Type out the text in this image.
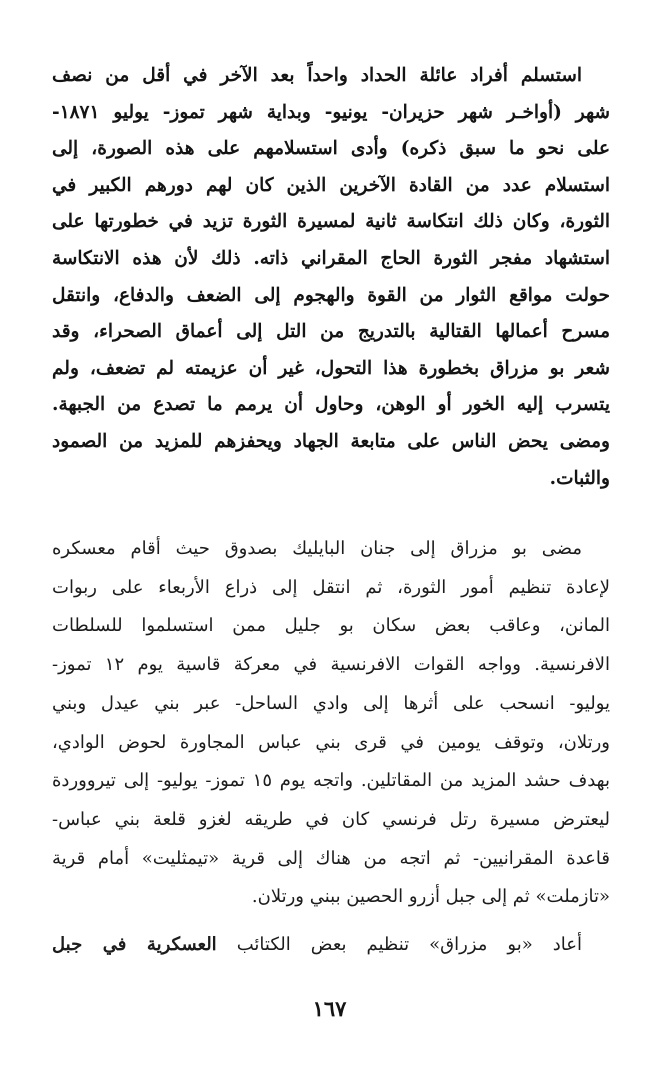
استسلم أفراد عائلة الحداد واحداً بعد الآخر في أقل من نصف
شهر (أواخـر شهر حزيران- يونيو- وبداية شهر تموز- يوليو ١٨٧١-
على نحو ما سبق ذكره) وأدى استسلامهم على هذه الصورة، إلى
استسلام عدد من القادة الآخرين الذين كان لهم دورهم الكبير في
الثورة، وكان ذلك انتكاسة ثانية لمسيرة الثورة تزيد في خطورتها على
استشهاد مفجر الثورة الحاج المقراني ذاته. ذلك لأن هذه الانتكاسة
حولت مواقع الثوار من القوة والهجوم إلى الضعف والدفاع، وانتقل
مسرح أعمالها القتالية بالتدريج من التل إلى أعماق الصحراء، وقد
شعر بو مزراق بخطورة هذا التحول، غير أن عزيمته لم تضعف، ولم
يتسرب إليه الخور أو الوهن، وحاول أن يرمم ما تصدع من الجبهة.
ومضى يحض الناس على متابعة الجهاد ويحفزهم للمزيد من الصمود
والثبات.
مضى بو مزراق إلى جنان البايليك بصدوق حيث أقام معسكره
لإعادة تنظيم أمور الثورة، ثم انتقل إلى ذراع الأربعاء على ربوات
المانن، وعاقب بعض سكان بو جليل ممن استسلموا للسلطات
الافرنسية. وواجه القوات الافرنسية في معركة قاسية يوم ١٢ تموز-
يوليو- انسحب على أثرها إلى وادي الساحل- عبر بني عيدل وبني
ورتلان، وتوقف يومين في قرى بني عباس المجاورة لحوض الوادي،
بهدف حشد المزيد من المقاتلين. واتجه يوم ١٥ تموز- يوليو- إلى تيرووردة
ليعترض مسيرة رتل فرنسي كان في طريقه لغزو قلعة بني عباس-
قاعدة المقرانيين- ثم اتجه من هناك إلى قرية «تيمثليت» أمام قرية
«تازملت» ثم إلى جبل أزرو الحصين ببني ورتلان.
أعاد «بو مزراق» تنظيم بعض الكتائب العسكرية في جبل
١٦٧
